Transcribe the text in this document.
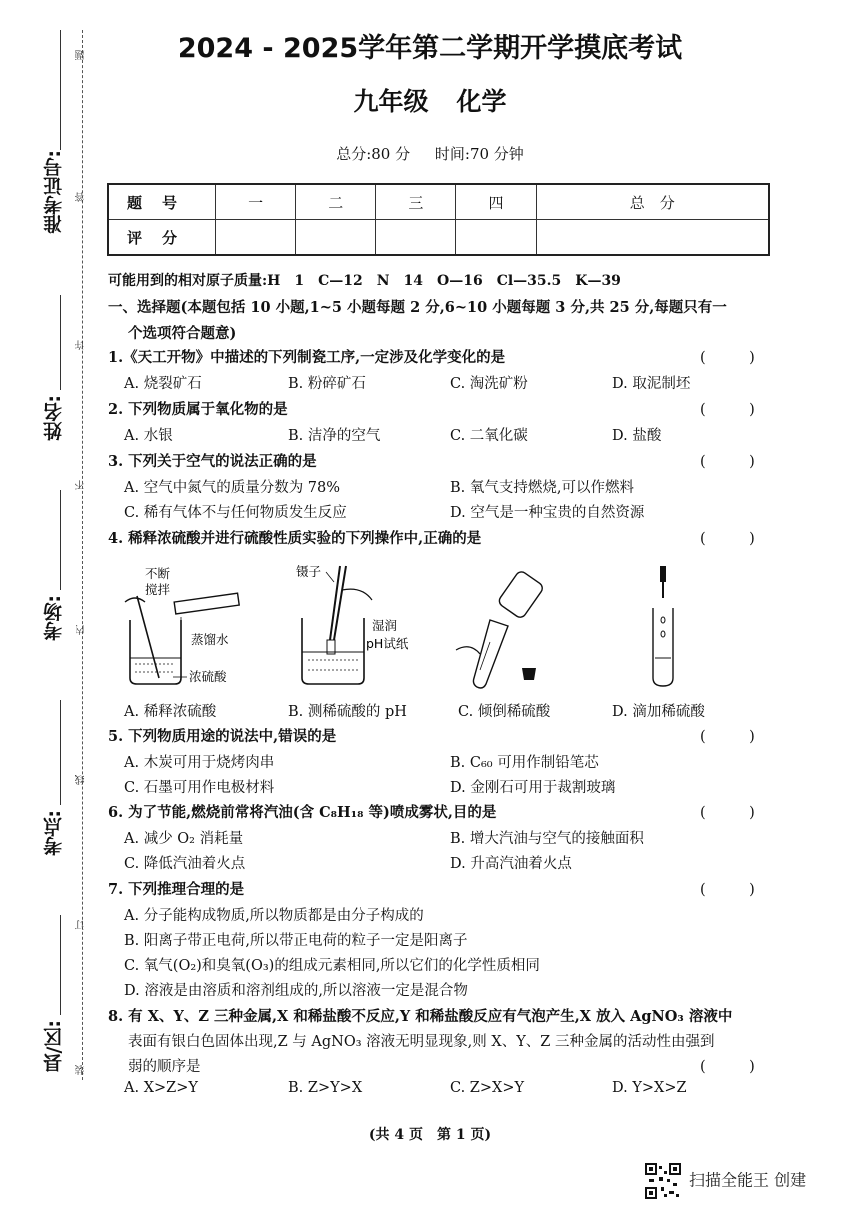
准考证号:
姓名:
考场:
考点:
县/区:
题
答
许
不
内
线
订
装
2024 - 2025学年第二学期开学摸底考试
九年级 化学
总分:80 分 时间:70 分钟
题号	一	二	三	四	总　分
评分					
可能用到的相对原子质量:H　1　C—12　N　14　O—16　Cl—35.5　K—39
一、选择题(本题包括 10 小题,1~5 小题每题 2 分,6~10 小题每题 3 分,共 25 分,每题只有一
个选项符合题意)
1.《天工开物》中描述的下列制瓷工序,一定涉及化学变化的是	(　　　)
A. 烧裂矿石	B. 粉碎矿石	C. 淘洗矿粉	D. 取泥制坯
2. 下列物质属于氧化物的是	(　　　)
A. 水银	B. 洁净的空气	C. 二氧化碳	D. 盐酸
3. 下列关于空气的说法正确的是	(　　　)
A. 空气中氮气的质量分数为 78%	B. 氧气支持燃烧,可以作燃料
C. 稀有气体不与任何物质发生反应	D. 空气是一种宝贵的自然资源
4. 稀释浓硫酸并进行硫酸性质实验的下列操作中,正确的是	(　　　)
不断
搅拌
蒸馏水
浓硫酸
镊子
湿润
pH试纸
A. 稀释浓硫酸	B. 测稀硫酸的 pH	C. 倾倒稀硫酸	D. 滴加稀硫酸
5. 下列物质用途的说法中,错误的是	(　　　)
A. 木炭可用于烧烤肉串	B. C₆₀ 可用作制铅笔芯
C. 石墨可用作电极材料	D. 金刚石可用于裁割玻璃
6. 为了节能,燃烧前常将汽油(含 C₈H₁₈ 等)喷成雾状,目的是	(　　　)
A. 减少 O₂ 消耗量	B. 增大汽油与空气的接触面积
C. 降低汽油着火点	D. 升高汽油着火点
7. 下列推理合理的是	(　　　)
A. 分子能构成物质,所以物质都是由分子构成的
B. 阳离子带正电荷,所以带正电荷的粒子一定是阳离子
C. 氧气(O₂)和臭氧(O₃)的组成元素相同,所以它们的化学性质相同
D. 溶液是由溶质和溶剂组成的,所以溶液一定是混合物
8. 有 X、Y、Z 三种金属,X 和稀盐酸不反应,Y 和稀盐酸反应有气泡产生,X 放入 AgNO₃ 溶液中
表面有银白色固体出现,Z 与 AgNO₃ 溶液无明显现象,则 X、Y、Z 三种金属的活动性由强到
弱的顺序是	(　　　)
A. X>Z>Y	B. Z>Y>X	C. Z>X>Y	D. Y>X>Z
(共 4 页　第 1 页)
扫描全能王 创建
